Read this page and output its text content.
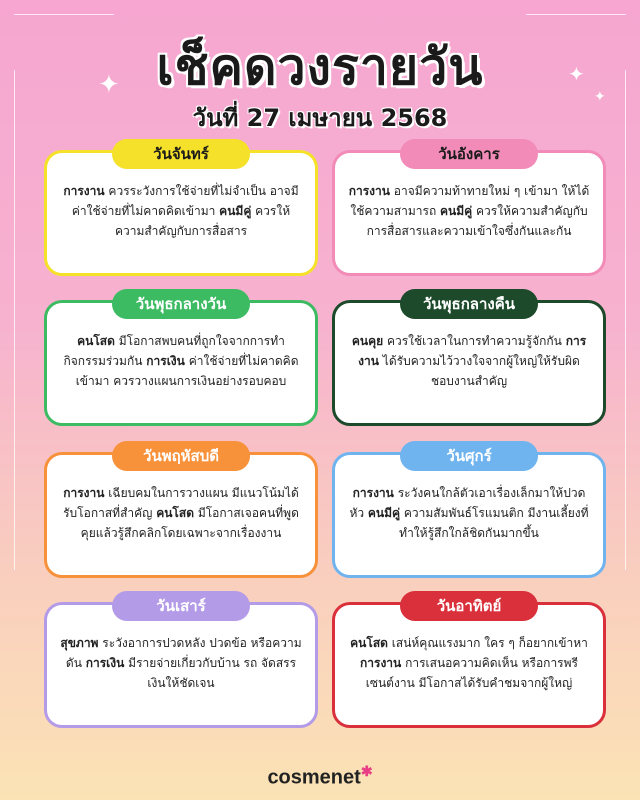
✦	✦
✦
เช็คดวงรายวัน
วันที่ 27 เมษายน 2568
วันจันทร์
การงาน ควรระวังการใช้จ่ายที่ไม่จำเป็น อาจมีค่าใช้จ่ายที่ไม่คาดคิดเข้ามา คนมีคู่ ควรให้ความสำคัญกับการสื่อสาร
วันอังคาร
การงาน อาจมีความท้าทายใหม่ ๆ เข้ามา ให้ได้ใช้ความสามารถ คนมีคู่ ควรให้ความสำคัญกับการสื่อสารและความเข้าใจซึ่งกันและกัน
วันพุธกลางวัน
คนโสด มีโอกาสพบคนที่ถูกใจจากการทำกิจกรรมร่วมกัน การเงิน ค่าใช้จ่ายที่ไม่คาดคิดเข้ามา ควรวางแผนการเงินอย่างรอบคอบ
วันพุธกลางคืน
คนคุย ควรใช้เวลาในการทำความรู้จักกัน การงาน ได้รับความไว้วางใจจากผู้ใหญ่ให้รับผิดชอบงานสำคัญ
วันพฤหัสบดี
การงาน เฉียบคมในการวางแผน มีแนวโน้มได้รับโอกาสที่สำคัญ คนโสด มีโอกาสเจอคนที่พูดคุยแล้วรู้สึกคลิกโดยเฉพาะจากเรื่องงาน
วันศุกร์
การงาน ระวังคนใกล้ตัวเอาเรื่องเล็กมาให้ปวดหัว คนมีคู่ ความสัมพันธ์โรแมนติก มีงานเลี้ยงที่ทำให้รู้สึกใกล้ชิดกันมากขึ้น
วันเสาร์
สุขภาพ ระวังอาการปวดหลัง ปวดข้อ หรือความดัน การเงิน มีรายจ่ายเกี่ยวกับบ้าน รถ จัดสรรเงินให้ชัดเจน
วันอาทิตย์
คนโสด เสน่ห์คุณแรงมาก ใคร ๆ ก็อยากเข้าหา การงาน การเสนอความคิดเห็น หรือการพรีเซนต์งาน มีโอกาสได้รับคำชมจากผู้ใหญ่
cosmenet✱
